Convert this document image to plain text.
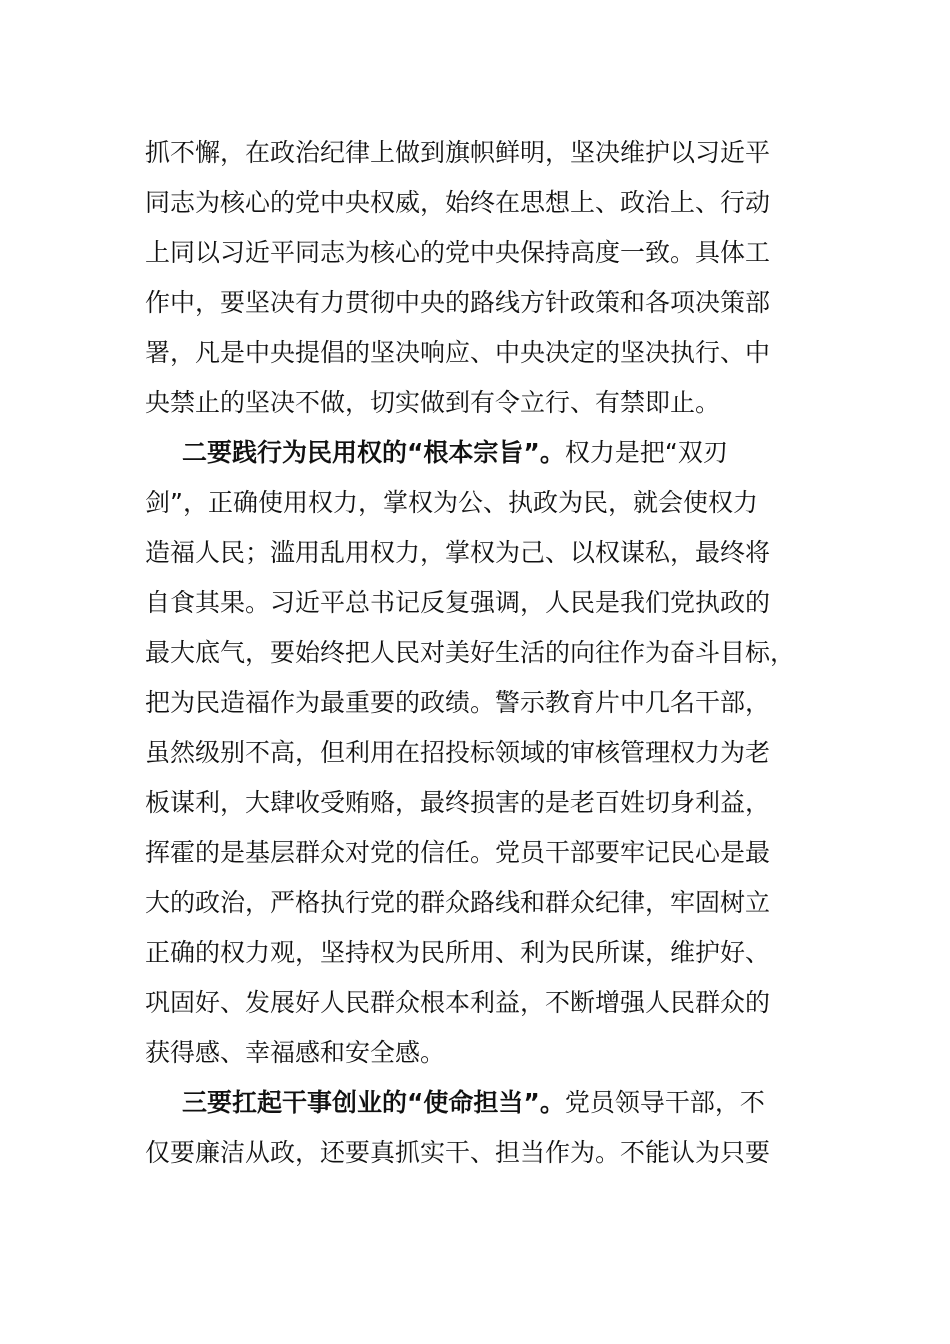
抓不懈，在政治纪律上做到旗帜鲜明，坚决维护以习近平
同志为核心的党中央权威，始终在思想上、政治上、行动
上同以习近平同志为核心的党中央保持高度一致。具体工
作中，要坚决有力贯彻中央的路线方针政策和各项决策部
署，凡是中央提倡的坚决响应、中央决定的坚决执行、中
央禁止的坚决不做，切实做到有令立行、有禁即止。
二要践行为民用权的“根本宗旨”。权力是把“双刃
剑”，正确使用权力，掌权为公、执政为民，就会使权力
造福人民；滥用乱用权力，掌权为己、以权谋私，最终将
自食其果。习近平总书记反复强调，人民是我们党执政的
最大底气，要始终把人民对美好生活的向往作为奋斗目标，
把为民造福作为最重要的政绩。警示教育片中几名干部，
虽然级别不高，但利用在招投标领域的审核管理权力为老
板谋利，大肆收受贿赂，最终损害的是老百姓切身利益，
挥霍的是基层群众对党的信任。党员干部要牢记民心是最
大的政治，严格执行党的群众路线和群众纪律，牢固树立
正确的权力观，坚持权为民所用、利为民所谋，维护好、
巩固好、发展好人民群众根本利益，不断增强人民群众的
获得感、幸福感和安全感。
三要扛起干事创业的“使命担当”。党员领导干部，不
仅要廉洁从政，还要真抓实干、担当作为。不能认为只要
